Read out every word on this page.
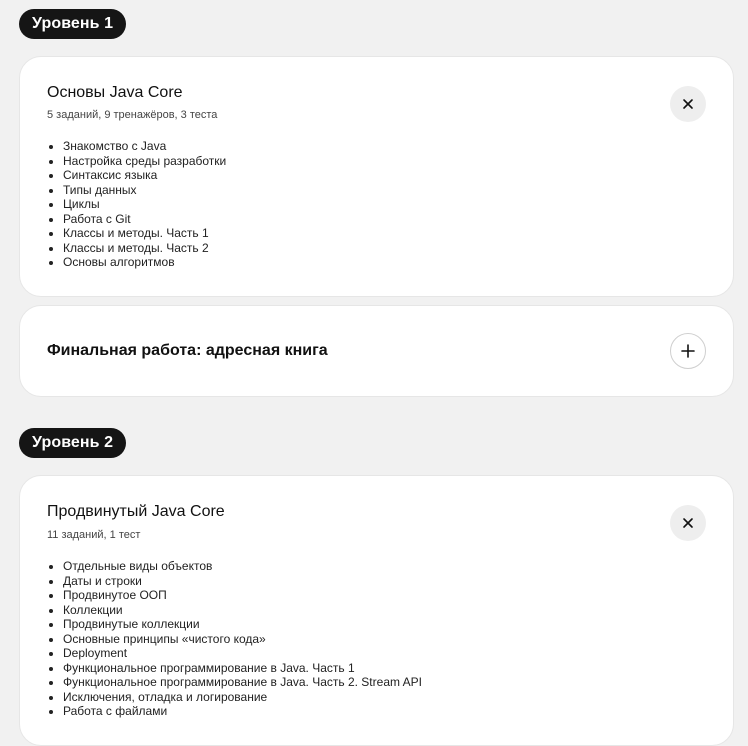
Уровень 1
Основы Java Core
5 заданий, 9 тренажёров, 3 теста
• Знакомство с Java
• Настройка среды разработки
• Синтаксис языка
• Типы данных
• Циклы
• Работа с Git
• Классы и методы. Часть 1
• Классы и методы. Часть 2
• Основы алгоритмов
Финальная работа: адресная книга
Уровень 2
Продвинутый Java Core
11 заданий, 1 тест
• Отдельные виды объектов
• Даты и строки
• Продвинутое ООП
• Коллекции
• Продвинутые коллекции
• Основные принципы «чистого кода»
• Deployment
• Функциональное программирование в Java. Часть 1
• Функциональное программирование в Java. Часть 2. Stream API
• Исключения, отладка и логирование
• Работа с файлами
